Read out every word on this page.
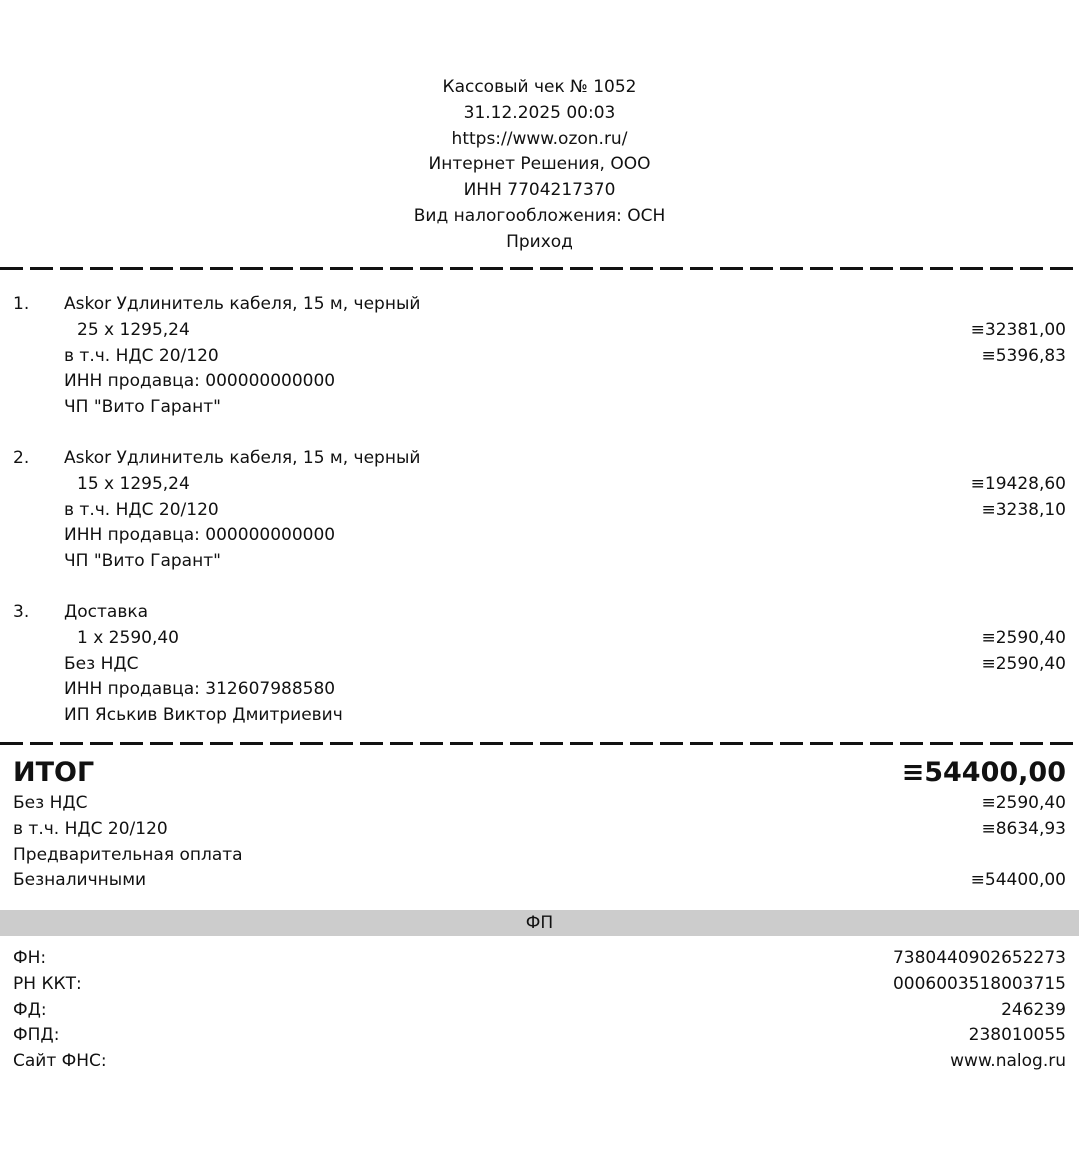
Кассовый чек № 1052
31.12.2025 00:03
https://www.ozon.ru/
Интернет Решения, ООО
ИНН 7704217370
Вид налогообложения: ОСН
Приход
1. Askor Удлинитель кабеля, 15 м, черный
25 x 1295,24	≡32381,00
в т.ч. НДС 20/120	≡5396,83
ИНН продавца: 000000000000
ЧП "Вито Гарант"
2. Askor Удлинитель кабеля, 15 м, черный
15 x 1295,24	≡19428,60
в т.ч. НДС 20/120	≡3238,10
ИНН продавца: 000000000000
ЧП "Вито Гарант"
3. Доставка
1 x 2590,40	≡2590,40
Без НДС	≡2590,40
ИНН продавца: 312607988580
ИП Яськив Виктор Дмитриевич
ИТОГ	≡54400,00
Без НДС	≡2590,40
в т.ч. НДС 20/120	≡8634,93
Предварительная оплата
Безналичными	≡54400,00
ФП
ФН:	7380440902652273
РН ККТ:	0006003518003715
ФД:	246239
ФПД:	238010055
Сайт ФНС:	www.nalog.ru
